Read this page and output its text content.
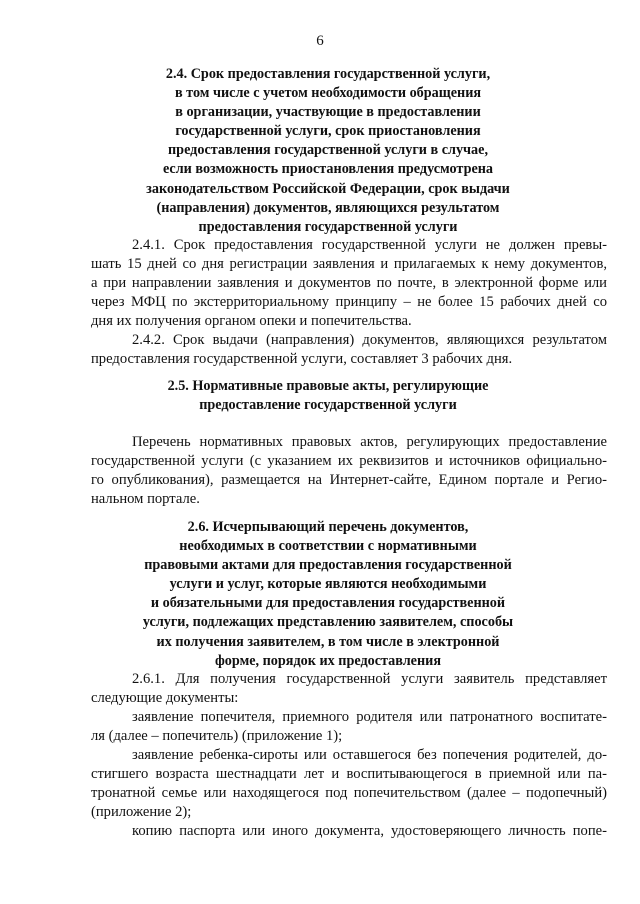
6
2.4. Срок предоставления государственной услуги,
в том числе с учетом необходимости обращения
в организации, участвующие в предоставлении
государственной услуги, срок приостановления
предоставления государственной услуги в случае,
если возможность приостановления предусмотрена
законодательством Российской Федерации, срок выдачи
(направления) документов, являющихся результатом
предоставления государственной услуги
2.4.1. Срок предоставления государственной услуги не должен превы-
шать 15 дней со дня регистрации заявления и прилагаемых к нему документов,
а при направлении заявления и документов по почте, в электронной форме или
через МФЦ по экстерриториальному принципу – не более 15 рабочих дней со
дня их получения органом опеки и попечительства.
2.4.2. Срок выдачи (направления) документов, являющихся результатом
предоставления государственной услуги, составляет 3 рабочих дня.
2.5. Нормативные правовые акты, регулирующие
предоставление государственной услуги
Перечень нормативных правовых актов, регулирующих предоставление
государственной услуги (с указанием их реквизитов и источников официально-
го опубликования), размещается на Интернет-сайте, Едином портале и Регио-
нальном портале.
2.6. Исчерпывающий перечень документов,
необходимых в соответствии с нормативными
правовыми актами для предоставления государственной
услуги и услуг, которые являются необходимыми
и обязательными для предоставления государственной
услуги, подлежащих представлению заявителем, способы
их получения заявителем, в том числе в электронной
форме, порядок их предоставления
2.6.1. Для получения государственной услуги заявитель представляет
следующие документы:
заявление попечителя, приемного родителя или патронатного воспитате-
ля (далее – попечитель) (приложение 1);
заявление ребенка-сироты или оставшегося без попечения родителей, до-
стигшего возраста шестнадцати лет и воспитывающегося в приемной или па-
тронатной семье или находящегося под попечительством (далее – подопечный)
(приложение 2);
копию паспорта или иного документа, удостоверяющего личность попе-
